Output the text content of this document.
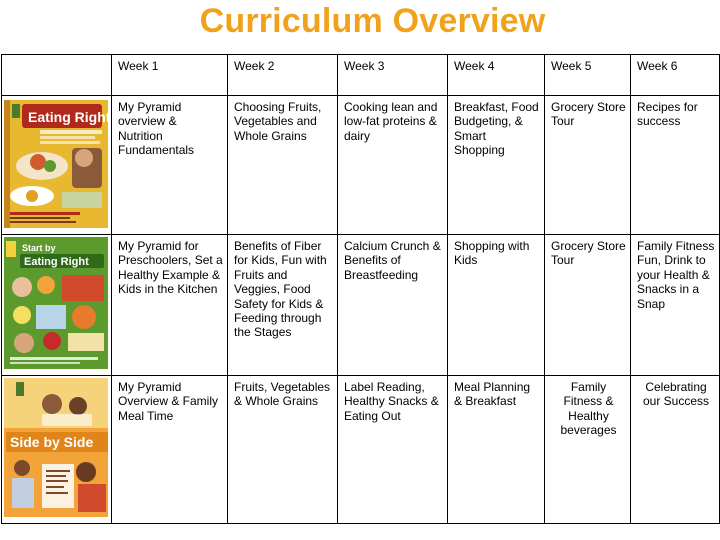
Curriculum Overview
	Week 1	Week 2	Week 3	Week 4	Week 5	Week 6

Eating Right	My Pyramid overview & Nutrition Fundamentals	Choosing Fruits, Vegetables and Whole Grains	Cooking lean and low-fat proteins & dairy	Breakfast, Food Budgeting, & Smart Shopping	Grocery Store Tour	Recipes for success

Start by
Eating Right	My Pyramid for Preschoolers, Set a Healthy Example & Kids in the Kitchen	Benefits of Fiber for Kids, Fun with Fruits and Veggies, Food Safety for Kids & Feeding through the Stages	Calcium Crunch & Benefits of Breastfeeding	Shopping with Kids	Grocery Store Tour	Family Fitness Fun, Drink to your Health & Snacks in a Snap

Side by Side	My Pyramid Overview & Family Meal Time	Fruits, Vegetables & Whole Grains	Label Reading, Healthy Snacks & Eating Out	Meal Planning & Breakfast	Family Fitness & Healthy beverages	Celebrating our Success
